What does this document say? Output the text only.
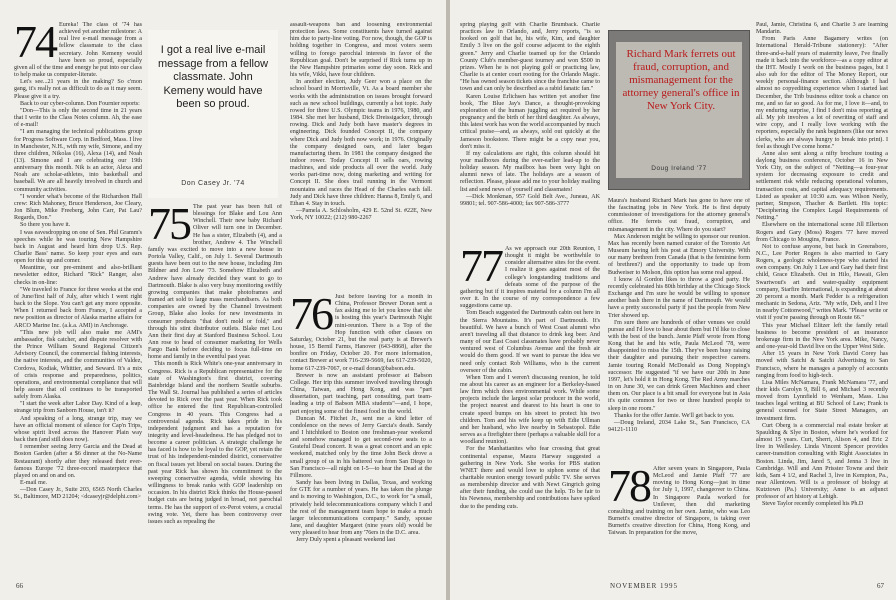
74 Eureka! The class of '74 has achieved yet another milestone: A real live e-mail message from a fellow classmate to the class secretary. John Kemeny would have been so proud, especially given all of the time and energy he put into our class to help make us computer-literate.

Let's see...21 years in the making? So c'mon gang, it's really not as difficult to do as it may seem. Please give it a try.

Back to our cyber-column. Don Fournier reports:

"Don—This is only the second time in 21 years that I write to the Class Notes column. Ah, the ease of e-mail!

"I am managing the technical publications group for Progress Software Corp. in Bedford, Mass. I live in Manchester, N.H., with my wife, Simone, and my three children, Nikolas (16), Alexa (14), and Noah (13). Simone and I are celebrating our 19th anniversary this month. Nik is an actor, Alexa and Noah are scholar-athletes, into basketball and baseball. We are all heavily involved in church and community activities.

"I wonder what's become of the Richardson Hall crew: Rich Mahoney, Bruce Henderson, Joe Cleary, Jon Blum, Mike Freeberg, John Carr, Pat Lau? Regards, Don."

So there you have it.

I was eavesdropping on one of Sen. Phil Gramm's speeches while he was touring New Hampshire back in August and heard him drop U.S. Rep. Charlie Bass' name. So keep your eyes and ears open for this up and comer.

Meantime, our pre-eminent and also-brilliant newsletter editor, Richard "Rick" Ranger, also checks in on-line:

"We traveled to France for three weeks at the end of June/first half of July, after which I went right back to the Slope. You can't get any more opposite. When I returned back from France, I accepted a new position as director of Alaska marine affairs for ARCO Marine Inc. (a.k.a. AMI) in Anchorage.

"This new job will also make me AMI's ambassador, fisk catcher, and dispute resolver with the Prince William Sound Regional Citizen's Advisory Council, the commercial fishing interests, the native interests, and the communities of Valdez, Cordova, Kodiak, Whittier, and Seward. It's a mix of crisis response and preparedness, politics, operations, and environmental compliance that will help assure that oil continues to be transported safely from Alaska.

"I start the week after Labor Day. Kind of a leap, strange trip from Sanborn House, isn't it?

And speaking of a long, strange trip, may we have an official moment of silence for Cap'n Trips, whose spirit lived across the Hanover Plain way back then (and still does now).

I remember seeing Jerry Garcia and the Dead at Boston Garden (after a $6 dinner at the No-Name Restaurant) shortly after they released their ever-famous Europe '72 three-record masterpiece that played on and on and on.

E-mail me.

—Don Casey Jr., Suite 203, 6565 North Charles St., Baltimore, MD 21204; <dcaseyjr@delphi.com>

I got a real live e-mail message from a fellow classmate. John Kemeny would have been so proud.
Don Casey Jr. '74
75 The past year has been full of blessings for Blake and Lou Ann Winchell. Their new baby Richard Oliver will turn one in December. He has a sister, Elizabeth (4), and a brother, Andrew 4. The Winchell family was excited to move into a new house in Portola Valley, Calif., on July 1. Several Dartmouth guests have been out to the new house, including Jim Bildner and Jon Low '73. Somehow Elizabeth and Andrew have already decided they want to go to Dartmouth. Blake is also very busy monitoring swiftly growing companies that make photoframes and framed art sold to large mass merchandisers. As both companies are owned by the Channel Investment Group, Blake also looks for new investments in consumer products "that don't mold or fold," and through his stint distributor outlets. Blake met Lou Ann their first day at Stanford Business School. Lou Ann rose to head of consumer marketing for Wells Fargo Bank before deciding to focus full-time on home and family in the eventful past year.

This month is Rick White's one-year anniversary in Congress. Rick is a Republican representative for the state of Washington's first district, covering Bainbridge Island and the northern Seattle suburbs. The Wall St. Journal has published a series of articles devoted to Rick over the past year. When Rick took office he entered the first Republican-controlled Congress in 40 years. This Congress had a controversial agenda. Rick takes pride in his independent judgment and has a reputation for integrity and level-headedness. He has pledged not to become a career politician. A strategic challenge he has faced is how to be loyal to the GOP, yet retain the trust of his independent-minded district, conservative on fiscal issues yet liberal on social issues. During the past year Rick has shown his commitment to the sweeping conservative agenda, while showing his willingness to break ranks with GOP leadership on occasion. In his district Rick thinks the House-passed budget cuts are being judged in broad, not parochial terms. He has the support of ex-Perot voters, a crucial swing vote. Yet, there has been controversy over issues such as repealing the

assault-weapons ban and loosening environmental protection laws. Some constituents have turned against him due to party-line voting. For now, though, the GOP is holding together in Congress, and most voters seem willing to forego parochial interests in favor of the Republican goal. Don't be surprised if Rick turns up in the New Hampshire primaries some day soon. Rick and his wife, Vikki, have four children.

In another election, Judy Geer won a place on the school board in Morrisville, Vt. As a board member she works with the administration on issues brought forward such as new school buildings, currently a hot topic. Judy rowed for three U.S. Olympic teams in 1976, 1980, and 1984. She met her husband, Dick Dreissigacker, through rowing. Dick and Judy both have master's degrees in engineering. Dick founded Concept II, the company where Dick and Judy both now work; in 1976. Originally the company designed oars, and later began manufacturing them. In 1981 the company designed the indoor rower. Today Concept II sells oars, rowing machines, and side products all over the world. Judy works part-time now, doing marketing and writing for Concept II. She does trail running in the Vermont mountains and races the Head of the Charles each fall. Judy and Dick have three children: Hanna 8, Emily 6, and Ethan 4. Stay in touch.

—Pamela A. Schlosholm, 429 E. 52nd St. #22E, New York, NY 10022; (212) 980-2267

76 Just before leaving for a month in China, Professor Brewer Doran sent a fax asking me to let you know that she is hosting this year's Dartmouth Night mini-reunion. There is a Top of the Hop function with other classes on Saturday, October 21, but the real party is at Brewer's house, 15 Bernil Farms, Hanover (643-8868), after the bonfire on Friday, October 20. For more information, contact Brewer at work 716-239-5669, fax 617-239-5020, home 617-239-7067, or e-mail doran@babson.edu.

Brewer is now an assistant professor at Babson College. Her trip this summer involved traveling through China, Taiwan, and Hong Kong, and was "part dissertation, part teaching, part consulting, part team-leading a trip of Babson MBA students"—and, I hope, part enjoying some of the finest food in the world.

Duncan M. Fitchet Jr., sent me a kind letter of condolence on the news of Jerry Garcia's death. Sandy and I hitchhiked to Boston one freshman-year weekend and somehow managed to get second-row seats to a Grateful Dead concert. It was a great concert and an epic weekend, matched only by the time John Beck drove a small group of us in his battered van from San Diego to San Francisco—all night on I-5—to hear the Dead at the Fillmore.

Sandy has been living in Dallas, Texas, and working for GTE for a number of years. He has taken the plunge and is moving to Washington, D.C., to work for "a small, privately held telecommunications company which I and the rest of the management team hope to make a much larger telecommunications company." Sandy, spouse Jane, and daughter Margaret (nine years old) would be very pleased to hear from any '76ers in the D.C. area.

Jerry Duly spent a pleasant weekend last

66

spring playing golf with Charlie Brumback. Charlie practices law in Orlando, and, Jerry reports, "is so hooked on golf that he, his wife, Kim, and daughter Emily 3 live on the golf course adjacent to the eighth green." Jerry and Charlie teamed up for the Orlando County Club's member-guest tourney and won $500 in prizes. When he is not playing golf or practicing law, Charlie is at center court rooting for the Orlando Magic. "He has owned season tickets since the franchise came to town and can only be described as a rabid fanatic fan."

Karen Louise Erlichsen has written yet another fine book, The Blue Jay's Dance, a thought-provoking exploration of the human juggling act required by her pregnancy and the birth of her third daughter. As always, this latest work has won the world accompanied by much critical praise—and, as always, sold out quickly at the Jameson bookstore. There might be a copy near you, don't miss it.

If my calculations are right, this column should hit your mailboxes during the ever-earlier lead-up to the holiday season. My mailbox has been very light on alumni news of late. The holidays are a season of reflection. Please, please add me to your holiday mailing list and send news of yourself and classmates!

—Dick Monkman, 957 Gold Belt Ave., Juneau, AK 99801; tel. 907-586-4000; fax 907-586-3777

77 As we approach our 20th Reunion, I thought it might be worthwhile to consider alternative sites for the event. I realize it goes against most of the college's longstanding traditions and defeats some of the purpose of the gathering but if it inspires material for a column I'm all over it. In the course of my correspondence a few suggestions came up.

Tom Beach suggested the Dartmouth cabin out here in the Sierra Mountains. It's part of Dartmouth. It's beautiful. We have a bunch of West Coast alumni who aren't traveling all that distance to drink keg beer. And many of our East Coast classmates have probably never ventured west of Columbus Avenue and the fresh air would do them good. If we want to pursue the idea we need only contact Rob Williams, who is the current overseer of the cabin.

When Tom and I weren't discussing reunion, he told me about his career as an engineer for a Berkeley-based law firm which does environmental work. While some projects include the largest solar producer in the world, the project nearest and dearest to his heart is one to create speed bumps on his street to protect his two children. Tom and his wife keep up with Edie Ullman and her husband, who live nearby in Sebastopol. Edie serves as a firefighter there (perhaps a valuable skill for a woodland reunion).

For the Manhattanites who fear crossing that great continental expanse, Maura Harway suggested a gathering in New York. She works for PBS station WNET there and would love to siphon some of that charitable reunion energy toward public TV. She serves as membership director and with Newt Gingrich going after their funding, she could use the help. To be fair to his Newness, membership and contributions have spiked due to the pending cuts.

Richard Mark ferrets out fraud, corruption, and mismanagement for the attorney general's office in New York City.
Doug Ireland '77

Maura's husband Richard Mark has gone to have one of the fascinating jobs in New York. He is first deputy commissioner of investigations for the attorney general's office. He ferrets out fraud, corruption, and mismanagement in the city. Where do you start?

Max Anderson might be willing to sponsor our reunion. Max has recently been named curator of the Toronto Art Museum having left his post at Emory University. With our many brethren from Canada (that is the feminine form of brethren?) and the opportunity to trade up from Budweiser to Molson, this option has some real appeal.

I know Al Gordon likes to throw a good party. He recently celebrated his 80th birthday at the Chicago Stock Exchange and I'm sure he would be willing to sponsor another bash there in the name of Dartmouth. We would have a pretty successful party if just the people from New Trier showed up.

I'm sure there are hundreds of other venues we could pursue and I'd love to hear about them but I'd like to close with the best of the bunch. Jamie Pfaff wrote from Hong Kong that he and his wife, Paula McLeod '78, were disappointed to miss the 15th. They've been busy raising their daughter and pursuing their respective careers. Jamie touring Ronald McDonald as Dong Nopping's successor. He suggested "if we have our 20th in June 1997, let's hold it in Hong Kong. The Red Army marches in on June 30, we can drink Green Machines and cheer them on. Our place is a bit small for everyone but in Asia it's quite common for two or three hundred people to sleep in one room."

Thanks for the offer Jamie. We'll get back to you.

—Doug Ireland, 2034 Lake St., San Francisco, CA 94121-1110

78 After seven years in Singapore, Paula McLeod and Jamie Pfaff '77 are moving to Hong Kong—just in time for July 1, 1997, changeover to China. In Singapore Paula worked for Unilever, then did marketing consulting and training on her own. Jamie, who was Leo Burnett's creative director of Singapore, is taking over Burnett's creative direction for China, Hong Kong, and Taiwan. In preparation for the move,

Paul, Jamie, Christina 6, and Charlie 3 are learning Mandarin.

From Paris Anne Bagamery writes (on International Herald-Tribune stationery): "After three-and-a-half years of maternity leave, I've finally made it back into the workforce—as a copy editor at the IHT. Mostly I work on the business pages, but I also sub for the editor of The Money Report, our weekly personal-finance section. Although I had almost no copyediting experience when I started last December, the Trib business editor took a chance on me, and so far so good. As for me, I love it—and, to my enduring surprise, I find I don't miss reporting at all. My job involves a lot of rewriting of staff and wire copy, and I really love working with the reporters, especially the rank beginners (like our news clerks, who are always hungry to break into print). I feel as though I've come home."

Anne also sent along a nifty brochure touting a daylong business conference, October 16 in New York City, on the subject of "Netting—a four-year system for decreasing exposure to credit and settlement risk while reducing operational volumes, transaction costs, and capital adequacy requirements. Listed as speaker at 10:30 a.m. was Wilson Neely, partner, Simpson, Thacher & Bartlett. His topic: "Deciphering the Complex Legal Requirements of Netting."

Elsewhere on the international scene Jill Ellertson Rogers and Gary (Moss) Rogers '77 have moved from Chicago to Mougins, France.

Not to confuse anyone, but back in Greensboro, N.C., Lee Porter Rogers is also married to Gary Rogers, a geologic wholeness-type who started his own company. On July 1 Lee and Gary had their first child, Grace Elizabeth. Out in Hilo, Hawaii, Glen Swartwout's art and water-quality equipment company, Starfire International, is expanding at about 20 percent a month. Mark Fedder is a refrigeration mechanic in Sedona, Ariz. "My wife, Deb, and I live in nearby Cottonwood," writes Mark. "Please write or visit if you're passing through on Route 66."

This year Michael Elitzer left the family retail business to become president of an insurance brokerage firm in the New York area. Mike, Nancy, and one-year-old David live on the Upper West Side.

After 15 years in New York David Corey has moved with Satchi & Satchi Advertising to San Francisco, where he manages a panoply of accounts ranging from food to high-tech.

Lisa Miles McNamara, Frank McNamara '77, and their kids Carolyn 9, Bill 6, and Michael 3 recently moved from Lynnfield to Wenham, Mass. Lisa teaches legal writing at BU School of Law; Frank is general counsel for State Street Managers, an investment firm.

Curt Oberg is a commercial real estate broker at Spaulding & Slye in Boston, where he's worked for almost 15 years. Curt, Sherri, Alison 4, and Eric 2 live in Wellesley. Linda Vincent Spencer provides career-transition consulting with Right Associates in Boston. Linda, Jim, Jared 5, and Jenna 3 live in Cambridge. Will and Ann Prisster Towne and their kids, Sam 4 1/2, and Rachel 3, live in Kempton, Pa., near Allentown. Will is a professor of biology at Kutztown (Pa.) University; Anne is an adjunct professor of art history at Lehigh.

Steve Taylor recently completed his Ph.D

NOVEMBER 1995	67
